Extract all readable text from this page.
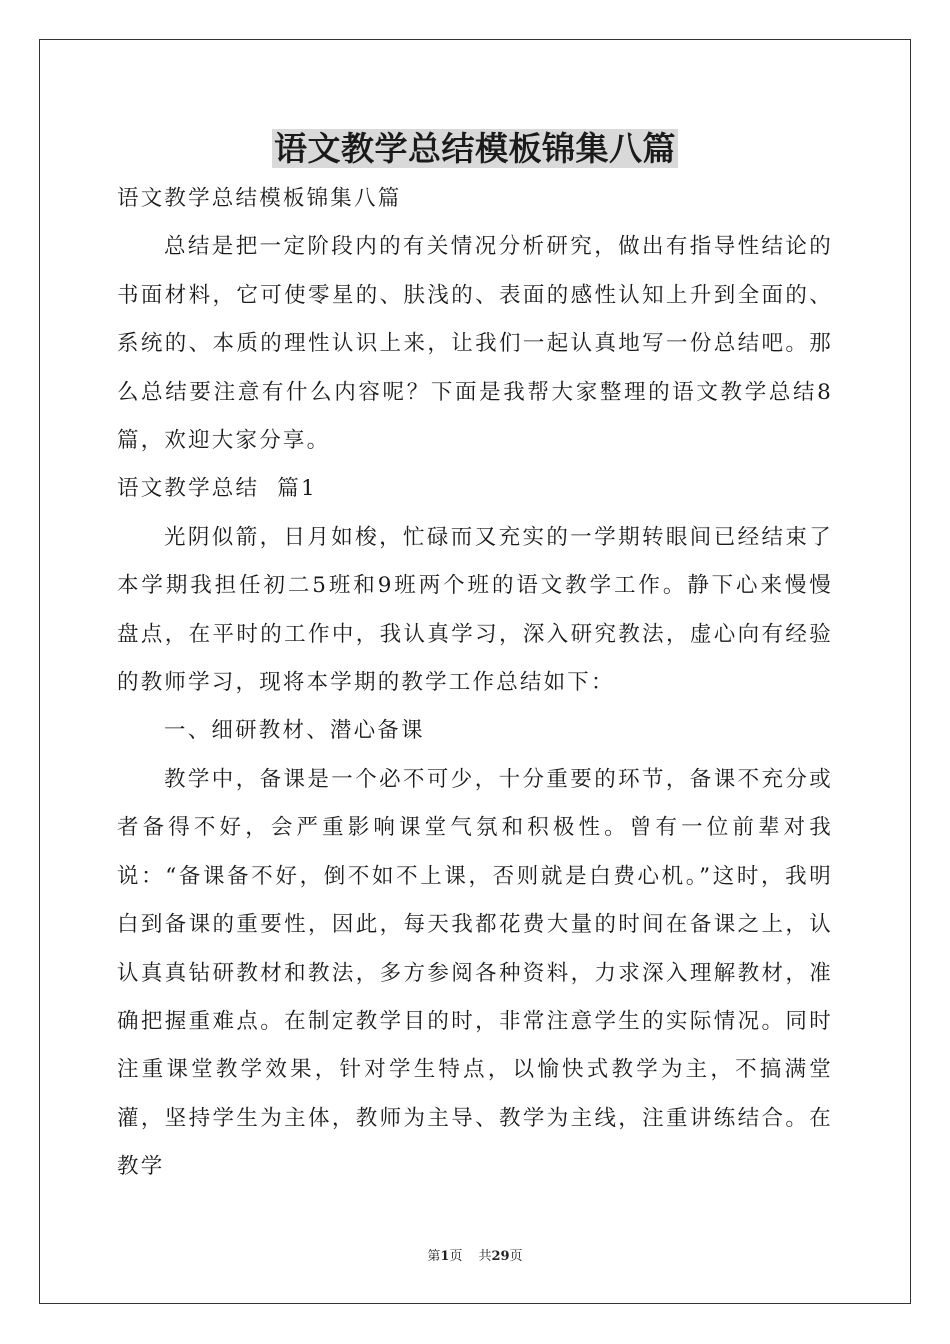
语文教学总结模板锦集八篇

语文教学总结模板锦集八篇

总结是把一定阶段内的有关情况分析研究，做出有指导性结论的书面材料，它可使零星的、肤浅的、表面的感性认知上升到全面的、系统的、本质的理性认识上来，让我们一起认真地写一份总结吧。那么总结要注意有什么内容呢？下面是我帮大家整理的语文教学总结8篇，欢迎大家分享。

语文教学总结  篇1

光阴似箭，日月如梭，忙碌而又充实的一学期转眼间已经结束了本学期我担任初二5班和9班两个班的语文教学工作。静下心来慢慢盘点，在平时的工作中，我认真学习，深入研究教法，虚心向有经验的教师学习，现将本学期的教学工作总结如下：

一、细研教材、潜心备课

教学中，备课是一个必不可少，十分重要的环节，备课不充分或者备得不好，会严重影响课堂气氛和积极性。曾有一位前辈对我说：“备课备不好，倒不如不上课，否则就是白费心机。”这时，我明白到备课的重要性，因此，每天我都花费大量的时间在备课之上，认认真真钻研教材和教法，多方参阅各种资料，力求深入理解教材，准确把握重难点。在制定教学目的时，非常注意学生的实际情况。同时注重课堂教学效果，针对学生特点，以愉快式教学为主，不搞满堂灌，坚持学生为主体，教师为主导、教学为主线，注重讲练结合。在教学

第1页 共29页
